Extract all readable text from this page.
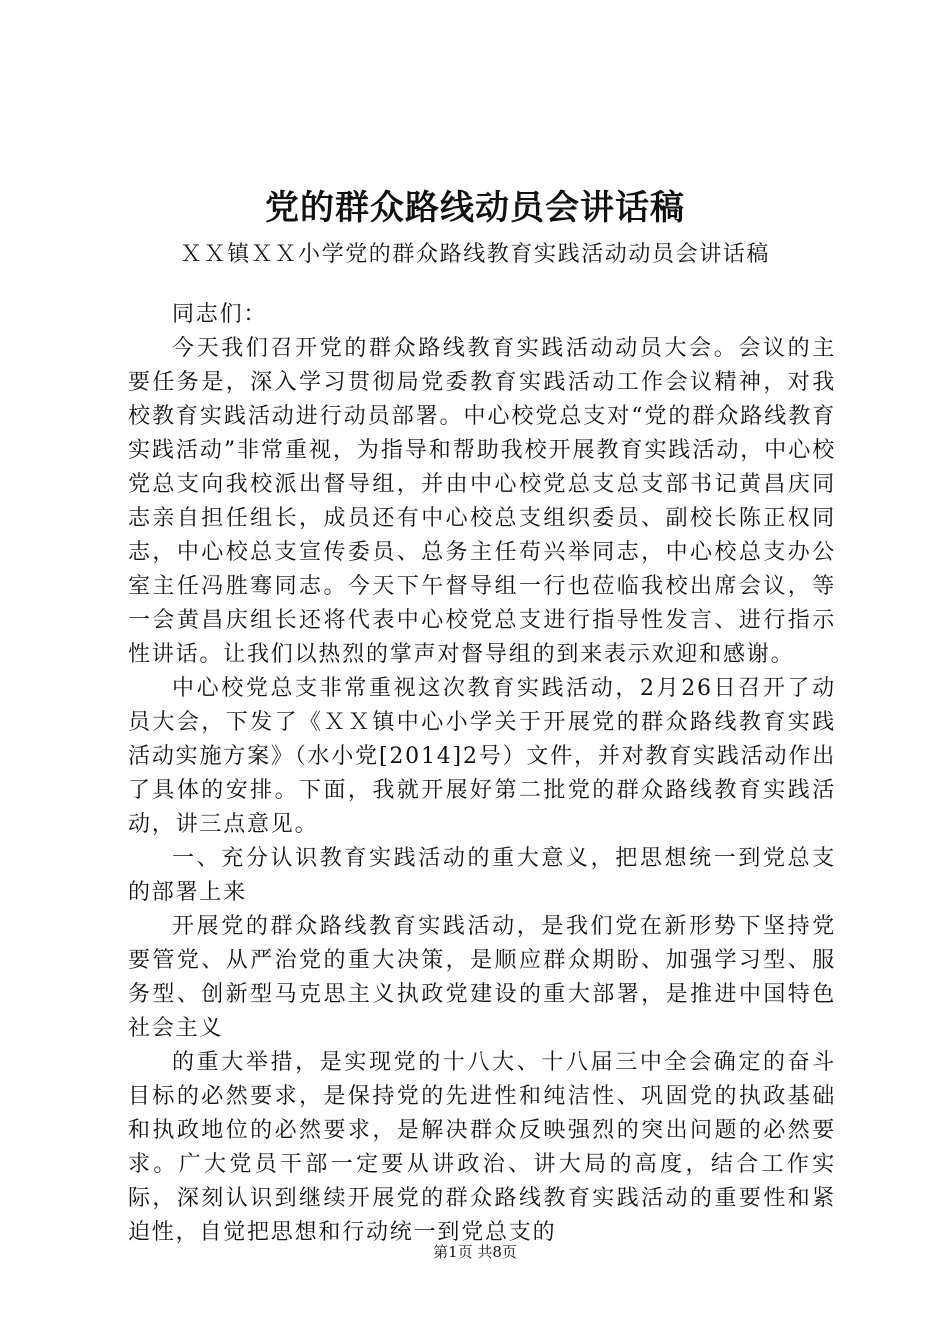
党的群众路线动员会讲话稿
ＸＸ镇ＸＸ小学党的群众路线教育实践活动动员会讲话稿

同志们：

今天我们召开党的群众路线教育实践活动动员大会。会议的主要任务是，深入学习贯彻局党委教育实践活动工作会议精神，对我校教育实践活动进行动员部署。中心校党总支对“党的群众路线教育实践活动”非常重视，为指导和帮助我校开展教育实践活动，中心校党总支向我校派出督导组，并由中心校党总支总支部书记黄昌庆同志亲自担任组长，成员还有中心校总支组织委员、副校长陈正权同志，中心校总支宣传委员、总务主任苟兴举同志，中心校总支办公室主任冯胜骞同志。今天下午督导组一行也莅临我校出席会议，等一会黄昌庆组长还将代表中心校党总支进行指导性发言、进行指示性讲话。让我们以热烈的掌声对督导组的到来表示欢迎和感谢。

中心校党总支非常重视这次教育实践活动，2月26日召开了动员大会，下发了《ＸＸ镇中心小学关于开展党的群众路线教育实践活动实施方案》（水小党[2014]2号）文件，并对教育实践活动作出了具体的安排。下面，我就开展好第二批党的群众路线教育实践活动，讲三点意见。

一、充分认识教育实践活动的重大意义，把思想统一到党总支的部署上来

开展党的群众路线教育实践活动，是我们党在新形势下坚持党要管党、从严治党的重大决策，是顺应群众期盼、加强学习型、服务型、创新型马克思主义执政党建设的重大部署，是推进中国特色社会主义

的重大举措，是实现党的十八大、十八届三中全会确定的奋斗目标的必然要求，是保持党的先进性和纯洁性、巩固党的执政基础和执政地位的必然要求，是解决群众反映强烈的突出问题的必然要求。广大党员干部一定要从讲政治、讲大局的高度，结合工作实际，深刻认识到继续开展党的群众路线教育实践活动的重要性和紧迫性，自觉把思想和行动统一到党总支的

第1页 共8页
